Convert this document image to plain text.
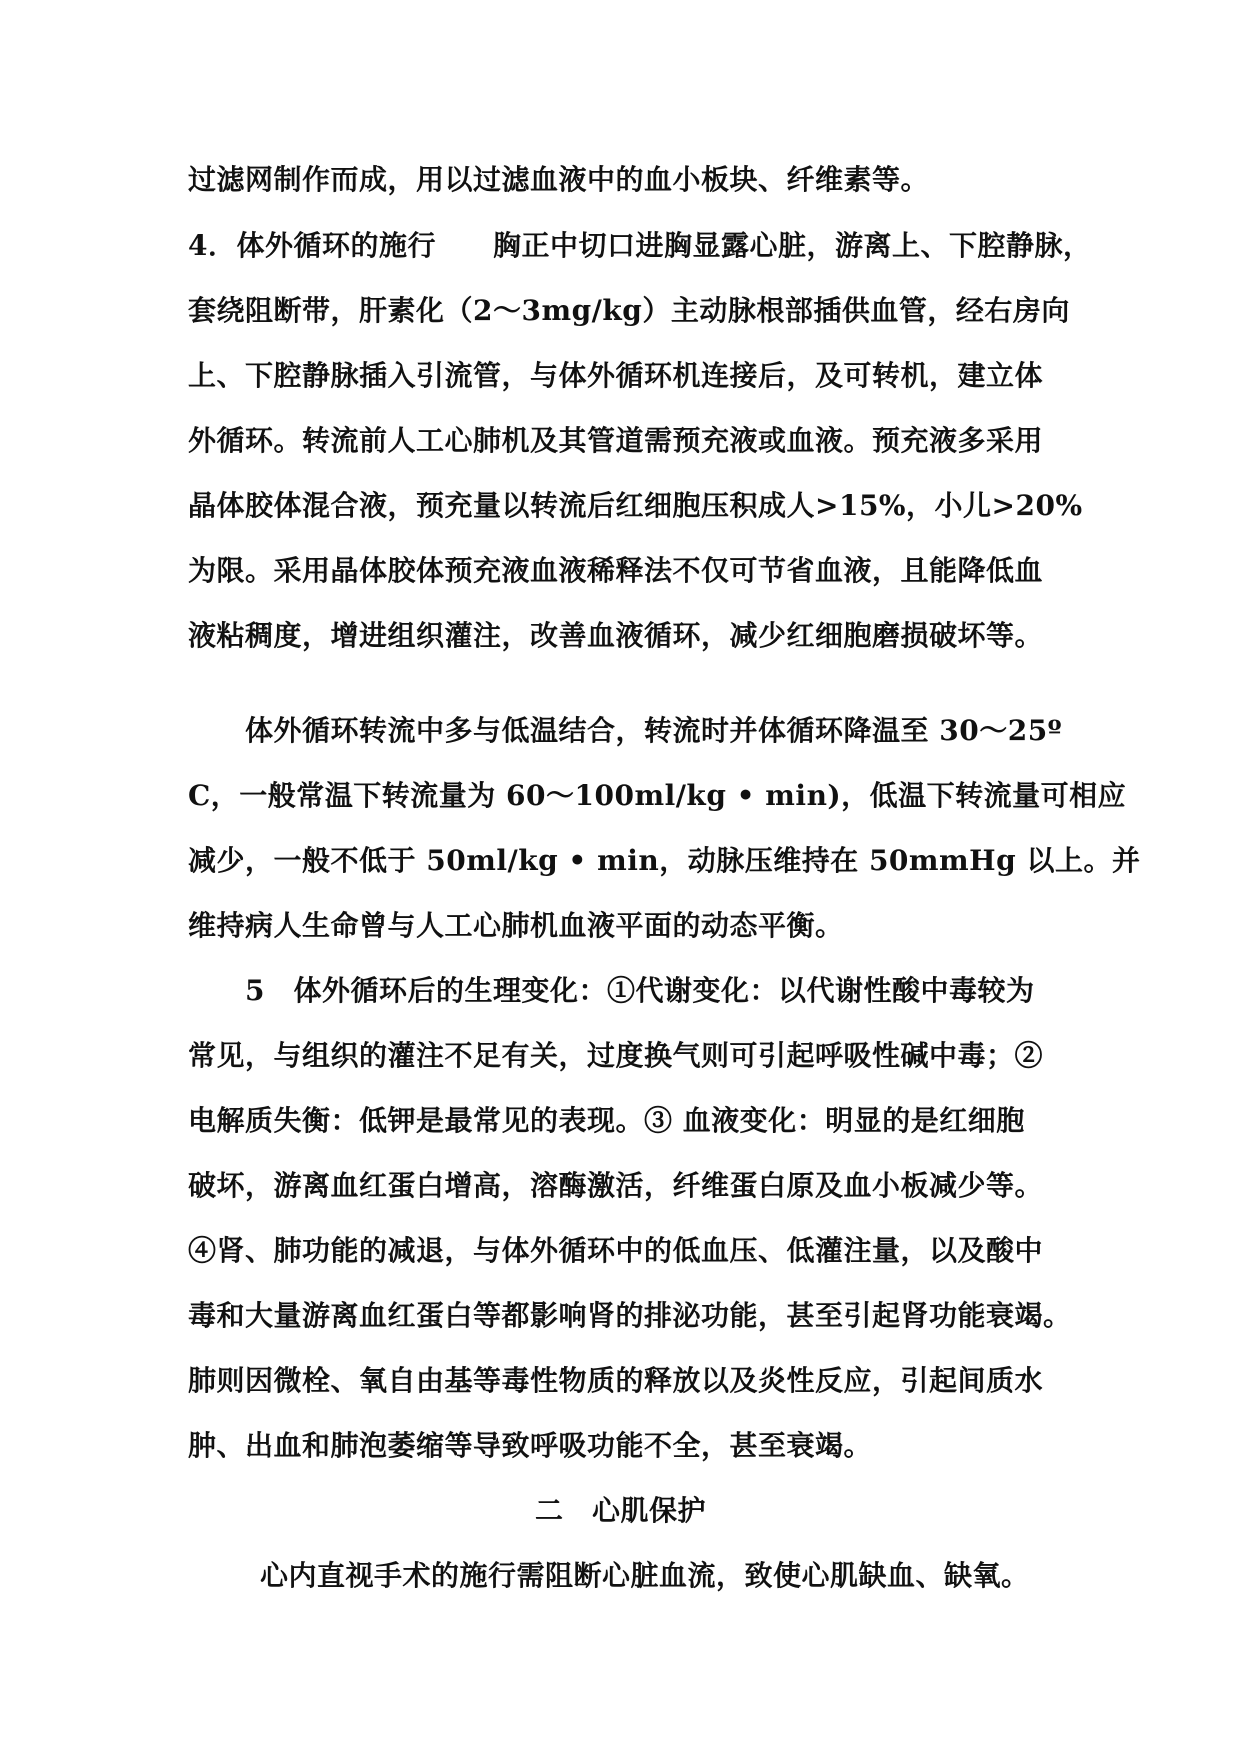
过滤网制作而成，用以过滤血液中的血小板块、纤维素等。
4．体外循环的施行　　胸正中切口进胸显露心脏，游离上、下腔静脉，
套绕阻断带，肝素化（2～3mg/kg）主动脉根部插供血管，经右房向
上、下腔静脉插入引流管，与体外循环机连接后，及可转机，建立体
外循环。转流前人工心肺机及其管道需预充液或血液。预充液多采用
晶体胶体混合液，预充量以转流后红细胞压积成人>15%，小儿>20%
为限。采用晶体胶体预充液血液稀释法不仅可节省血液，且能降低血
液粘稠度，增进组织灌注，改善血液循环，减少红细胞磨损破坏等。
体外循环转流中多与低温结合，转流时并体循环降温至 30～25º
C，一般常温下转流量为 60～100ml/kg • min)，低温下转流量可相应
减少，一般不低于 50ml/kg • min，动脉压维持在 50mmHg 以上。并
维持病人生命曾与人工心肺机血液平面的动态平衡。
5　体外循环后的生理变化：①代谢变化：以代谢性酸中毒较为
常见，与组织的灌注不足有关，过度换气则可引起呼吸性碱中毒；②
电解质失衡：低钾是最常见的表现。③ 血液变化：明显的是红细胞
破坏，游离血红蛋白增高，溶酶激活，纤维蛋白原及血小板减少等。
④肾、肺功能的减退，与体外循环中的低血压、低灌注量，以及酸中
毒和大量游离血红蛋白等都影响肾的排泌功能，甚至引起肾功能衰竭。
肺则因微栓、氧自由基等毒性物质的释放以及炎性反应，引起间质水
肿、出血和肺泡萎缩等导致呼吸功能不全，甚至衰竭。
二　心肌保护
心内直视手术的施行需阻断心脏血流，致使心肌缺血、缺氧。
